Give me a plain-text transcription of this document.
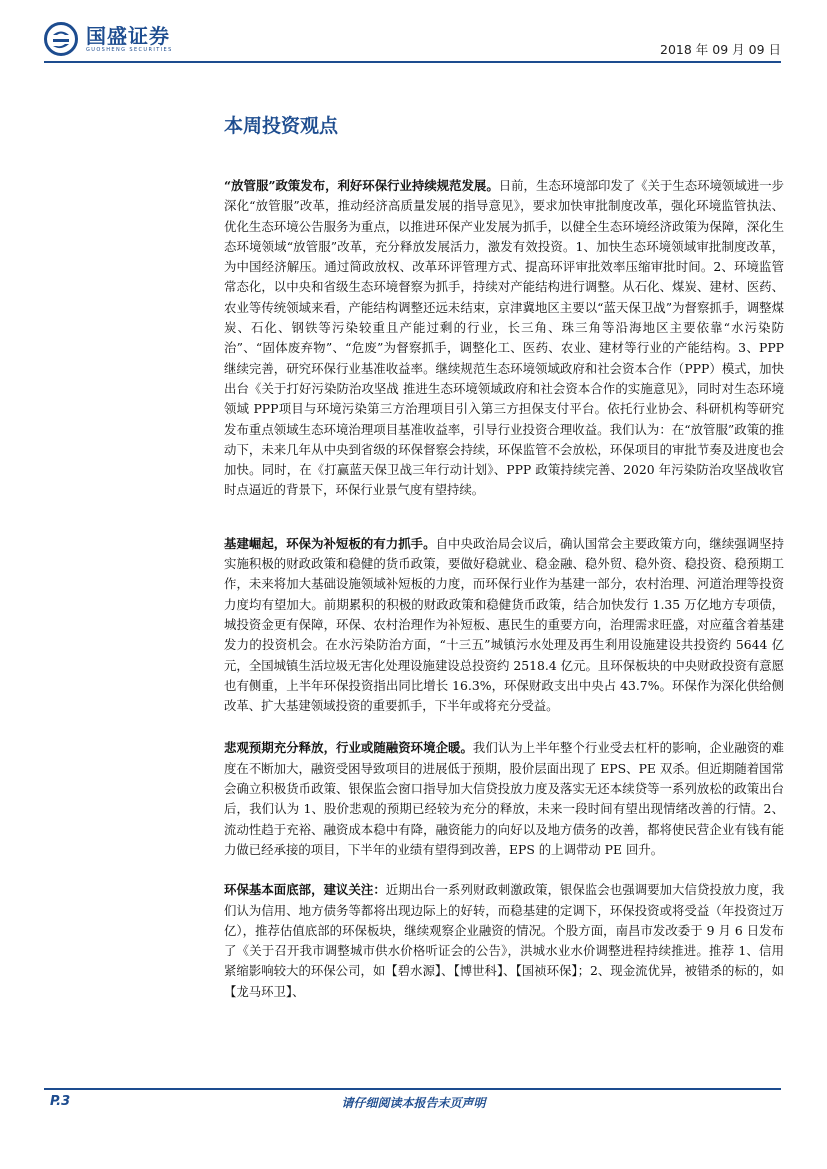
国盛证券
GUOSHENG SECURITIES	2018 年 09 月 09 日
本周投资观点

“放管服”政策发布，利好环保行业持续规范发展。日前，生态环境部印发了《关于生态环境领域进一步深化“放管服”改革，推动经济高质量发展的指导意见》，要求加快审批制度改革，强化环境监管执法、优化生态环境公告服务为重点，以推进环保产业发展为抓手，以健全生态环境经济政策为保障，深化生态环境领域“放管服”改革，充分释放发展活力，激发有效投资。1、加快生态环境领域审批制度改革，为中国经济解压。通过简政放权、改革环评管理方式、提高环评审批效率压缩审批时间。2、环境监管常态化，以中央和省级生态环境督察为抓手，持续对产能结构进行调整。从石化、煤炭、建材、医药、农业等传统领域来看，产能结构调整还远未结束，京津冀地区主要以“蓝天保卫战”为督察抓手，调整煤炭、石化、钢铁等污染较重且产能过剩的行业，长三角、珠三角等沿海地区主要依靠“水污染防治”、“固体废弃物”、“危废”为督察抓手，调整化工、医药、农业、建材等行业的产能结构。3、PPP 继续完善，研究环保行业基准收益率。继续规范生态环境领域政府和社会资本合作（PPP）模式，加快出台《关于打好污染防治攻坚战 推进生态环境领域政府和社会资本合作的实施意见》，同时对生态环境领域 PPP项目与环境污染第三方治理项目引入第三方担保支付平台。依托行业协会、科研机构等研究发布重点领域生态环境治理项目基准收益率，引导行业投资合理收益。我们认为：在“放管服”政策的推动下，未来几年从中央到省级的环保督察会持续，环保监管不会放松，环保项目的审批节奏及进度也会加快。同时，在《打赢蓝天保卫战三年行动计划》、PPP 政策持续完善、2020 年污染防治攻坚战收官时点逼近的背景下，环保行业景气度有望持续。

基建崛起，环保为补短板的有力抓手。自中央政治局会议后，确认国常会主要政策方向，继续强调坚持实施积极的财政政策和稳健的货币政策，要做好稳就业、稳金融、稳外贸、稳外资、稳投资、稳预期工作，未来将加大基础设施领域补短板的力度，而环保行业作为基建一部分，农村治理、河道治理等投资力度均有望加大。前期累积的积极的财政政策和稳健货币政策，结合加快发行 1.35 万亿地方专项债，城投资金更有保障，环保、农村治理作为补短板、惠民生的重要方向，治理需求旺盛，对应蕴含着基建发力的投资机会。在水污染防治方面，“十三五”城镇污水处理及再生利用设施建设共投资约 5644 亿元，全国城镇生活垃圾无害化处理设施建设总投资约 2518.4 亿元。且环保板块的中央财政投资有意愿也有侧重，上半年环保投资指出同比增长 16.3%，环保财政支出中央占 43.7%。环保作为深化供给侧改革、扩大基建领域投资的重要抓手，下半年或将充分受益。

悲观预期充分释放，行业或随融资环境企暖。我们认为上半年整个行业受去杠杆的影响，企业融资的难度在不断加大，融资受困导致项目的进展低于预期，股价层面出现了 EPS、PE 双杀。但近期随着国常会确立积极货币政策、银保监会窗口指导加大信贷投放力度及落实无还本续贷等一系列放松的政策出台后，我们认为 1、股价悲观的预期已经较为充分的释放，未来一段时间有望出现情绪改善的行情。2、流动性趋于充裕、融资成本稳中有降，融资能力的向好以及地方债务的改善，都将使民营企业有钱有能力做已经承接的项目，下半年的业绩有望得到改善，EPS 的上调带动 PE 回升。

环保基本面底部，建议关注：近期出台一系列财政刺激政策，银保监会也强调要加大信贷投放力度，我们认为信用、地方债务等都将出现边际上的好转，而稳基建的定调下，环保投资或将受益（年投资过万亿），推荐估值底部的环保板块，继续观察企业融资的情况。个股方面，南昌市发改委于 9 月 6 日发布了《关于召开我市调整城市供水价格听证会的公告》，洪城水业水价调整进程持续推进。推荐 1、信用紧缩影响较大的环保公司，如【碧水源】、【博世科】、【国祯环保】；2、现金流优异，被错杀的标的，如【龙马环卫】、

P.3	请仔细阅读本报告末页声明
